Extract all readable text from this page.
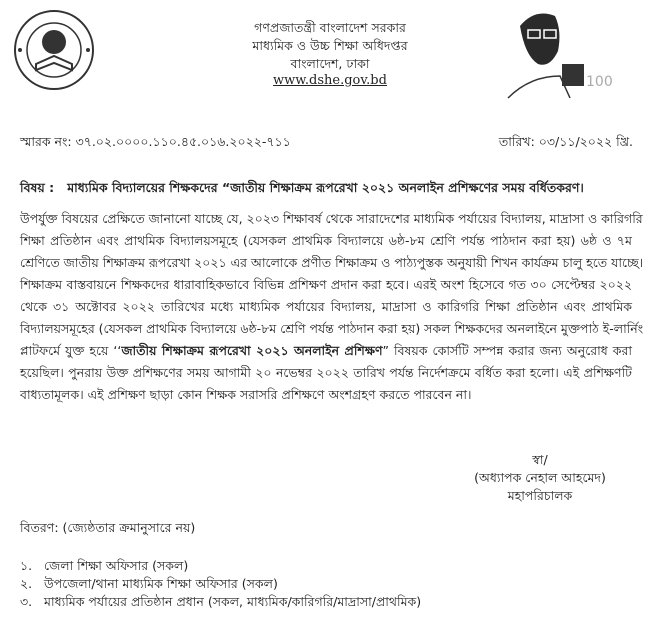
গণপ্রজাতন্ত্রী বাংলাদেশ সরকার
মাধ্যমিক ও উচ্চ শিক্ষা অধিদপ্তর
বাংলাদেশ, ঢাকা
www.dshe.gov.bd	100
স্মারক নং: ৩৭.০২.০০০০.১১০.৪৫.০১৬.২০২২-৭১১	তারিখ: ০৩/১১/২০২২ খ্রি.
বিষয় : মাধ্যমিক বিদ্যালয়ের শিক্ষকদের “জাতীয় শিক্ষাক্রম রূপরেখা ২০২১ অনলাইন প্রশিক্ষণের সময় বর্ধিতকরণ।
উপর্যুক্ত বিষয়ের প্রেক্ষিতে জানানো যাচ্ছে যে, ২০২৩ শিক্ষাবর্ষ থেকে সারাদেশের মাধ্যমিক পর্যায়ের বিদ্যালয়, মাদ্রাসা ও কারিগরি
শিক্ষা প্রতিষ্ঠান এবং প্রাথমিক বিদ্যালয়সমূহে (যেসকল প্রাথমিক বিদ্যালয়ে ৬ষ্ঠ-৮ম শ্রেণি পর্যন্ত পাঠদান করা হয়) ৬ষ্ঠ ও ৭ম
শ্রেণিতে জাতীয় শিক্ষাক্রম রূপরেখা ২০২১ এর আলোকে প্রণীত শিক্ষাক্রম ও পাঠ্যপুস্তক অনুযায়ী শিখন কার্যক্রম চালু হতে যাচ্ছে।
শিক্ষাক্রম বাস্তবায়নে শিক্ষকদের ধারাবাহিকভাবে বিভিন্ন প্রশিক্ষণ প্রদান করা হবে। এরই অংশ হিসেবে গত ৩০ সেপ্টেম্বর ২০২২
থেকে ৩১ অক্টোবর ২০২২ তারিখের মধ্যে মাধ্যমিক পর্যায়ের বিদ্যালয়, মাদ্রাসা ও কারিগরি শিক্ষা প্রতিষ্ঠান এবং প্রাথমিক
বিদ্যালয়সমূহের (যেসকল প্রাথমিক বিদ্যালয়ে ৬ষ্ঠ-৮ম শ্রেণি পর্যন্ত পাঠদান করা হয়) সকল শিক্ষকদের অনলাইনে মুক্তপাঠ ই-লার্নিং
প্লাটফর্মে যুক্ত হয়ে ‘‘জাতীয় শিক্ষাক্রম রূপরেখা ২০২১ অনলাইন প্রশিক্ষণ” বিষয়ক কোর্সটি সম্পন্ন করার জন্য অনুরোধ করা
হয়েছিল। পুনরায় উক্ত প্রশিক্ষণের সময় আগামী ২০ নভেম্বর ২০২২ তারিখ পর্যন্ত নির্দেশক্রমে বর্ধিত করা হলো। এই প্রশিক্ষণটি
বাধ্যতামূলক। এই প্রশিক্ষণ ছাড়া কোন শিক্ষক সরাসরি প্রশিক্ষণে অংশগ্রহণ করতে পারবেন না।
স্বা/
(অধ্যাপক নেহাল আহমেদ)
মহাপরিচালক
বিতরণ: (জ্যেষ্ঠতার ক্রমানুসারে নয়)
১. জেলা শিক্ষা অফিসার (সকল)
২. উপজেলা/থানা মাধ্যমিক শিক্ষা অফিসার (সকল)
৩. মাধ্যমিক পর্যায়ের প্রতিষ্ঠান প্রধান (সকল, মাধ্যমিক/কারিগরি/মাদ্রাসা/প্রাথমিক)
